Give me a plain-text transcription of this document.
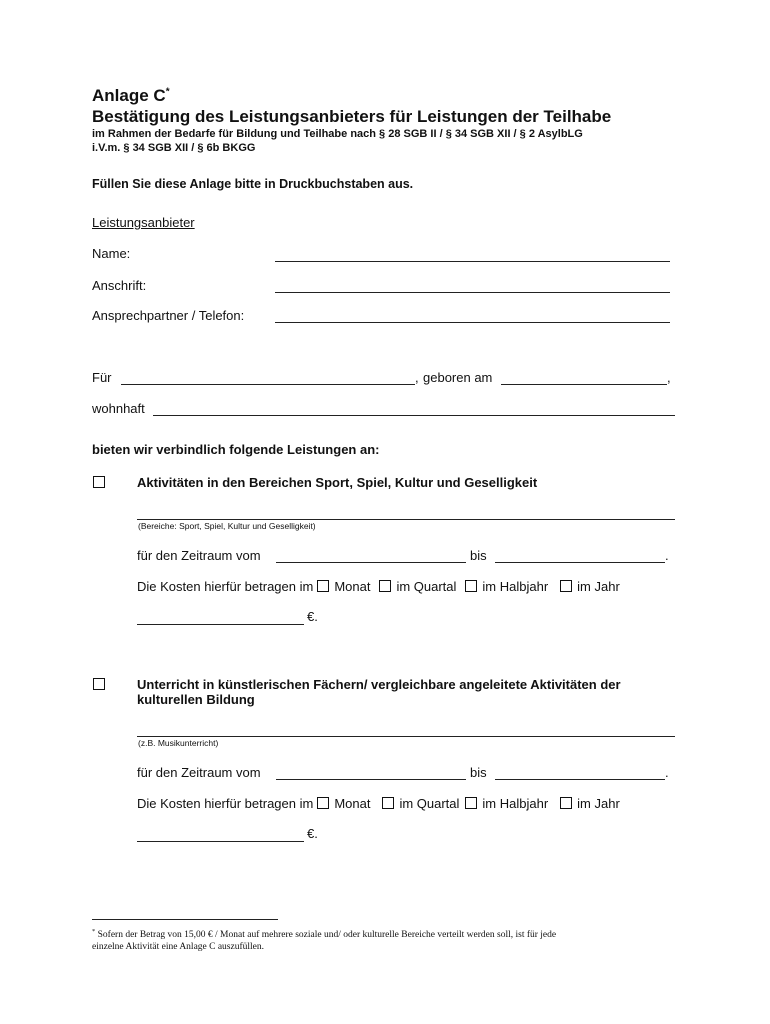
Anlage C*
Bestätigung des Leistungsanbieters für Leistungen der Teilhabe
im Rahmen der Bedarfe für Bildung und Teilhabe nach § 28 SGB II / § 34 SGB XII / § 2 AsylbLG
i.V.m. § 34 SGB XII / § 6b BKGG
Füllen Sie diese Anlage bitte in Druckbuchstaben aus.
Leistungsanbieter
Name:
Anschrift:
Ansprechpartner / Telefon:
Für	, geboren am	,
wohnhaft
bieten wir verbindlich folgende Leistungen an:
Aktivitäten in den Bereichen Sport, Spiel, Kultur und Geselligkeit
(Bereiche: Sport, Spiel, Kultur und Geselligkeit)
für den Zeitraum vom	bis	.
Die Kosten hierfür betragen im Monat im Quartal im Halbjahr im Jahr
€.
Unterricht in künstlerischen Fächern/ vergleichbare angeleitete Aktivitäten der
kulturellen Bildung
(z.B. Musikunterricht)
für den Zeitraum vom	bis	.
Die Kosten hierfür betragen im Monat im Quartal im Halbjahr im Jahr
€.
* Sofern der Betrag von 15,00 € / Monat auf mehrere soziale und/ oder kulturelle Bereiche verteilt werden soll, ist für jede
einzelne Aktivität eine Anlage C auszufüllen.
